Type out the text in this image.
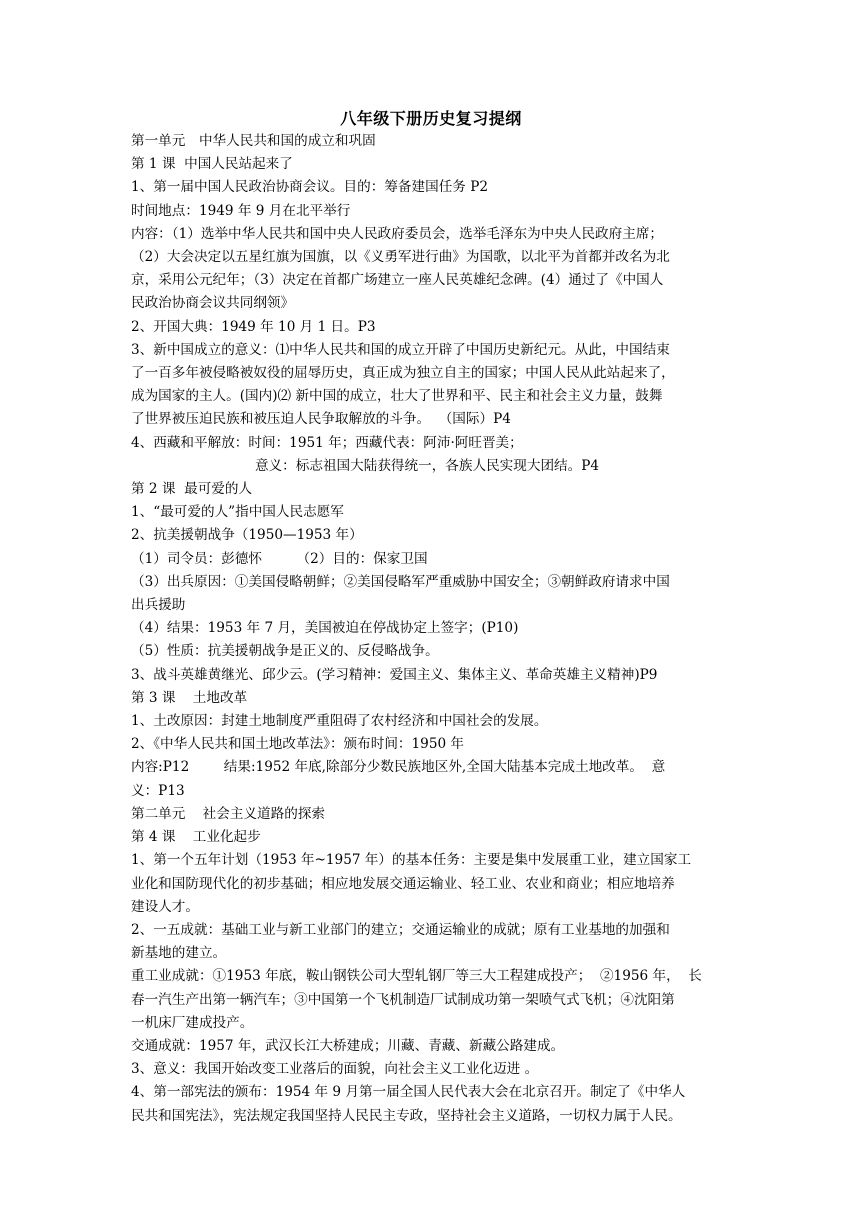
八年级下册历史复习提纲
第一单元　中华人民共和国的成立和巩固
第 1 课  中国人民站起来了
1、第一届中国人民政治协商会议。目的：筹备建国任务 P2
时间地点：1949 年 9 月在北平举行
内容：（1）选举中华人民共和国中央人民政府委员会，选举毛泽东为中央人民政府主席；
（2）大会决定以五星红旗为国旗，以《义勇军进行曲》为国歌，以北平为首都并改名为北
京，采用公元纪年；（3）决定在首都广场建立一座人民英雄纪念碑。(4）通过了《中国人
民政治协商会议共同纲领》
2、开国大典：1949 年 10 月 1 日。P3
3、新中国成立的意义：⑴中华人民共和国的成立开辟了中国历史新纪元。从此，中国结束
了一百多年被侵略被奴役的屈辱历史，真正成为独立自主的国家；中国人民从此站起来了，
成为国家的主人。(国内)⑵ 新中国的成立，壮大了世界和平、民主和社会主义力量，鼓舞
了世界被压迫民族和被压迫人民争取解放的斗争。  （国际）P4
4、西藏和平解放：时间：1951 年；西藏代表：阿沛·阿旺晋美；
意义：标志祖国大陆获得统一，各族人民实现大团结。P4
第 2 课  最可爱的人
1、“最可爱的人”指中国人民志愿军
2、抗美援朝战争（1950—1953 年）
（1）司令员：彭德怀        （2）目的：保家卫国
（3）出兵原因：①美国侵略朝鲜；②美国侵略军严重威胁中国安全；③朝鲜政府请求中国
出兵援助
（4）结果：1953 年 7 月，美国被迫在停战协定上签字；(P10)
（5）性质：抗美援朝战争是正义的、反侵略战争。
3、战斗英雄黄继光、邱少云。(学习精神：爱国主义、集体主义、革命英雄主义精神)P9
第 3 课    土地改革
1、土改原因：封建土地制度严重阻碍了农村经济和中国社会的发展。
2、《中华人民共和国土地改革法》：颁布时间：1950 年
内容:P12        结果:1952 年底,除部分少数民族地区外,全国大陆基本完成土地改革。  意
义：P13
第二单元    社会主义道路的探索
第 4 课    工业化起步
1、第一个五年计划（1953 年~1957 年）的基本任务：主要是集中发展重工业，建立国家工
业化和国防现代化的初步基础；相应地发展交通运输业、轻工业、农业和商业；相应地培养
建设人才。
2、一五成就：基础工业与新工业部门的建立；交通运输业的成就；原有工业基地的加强和
新基地的建立。
重工业成就：①1953 年底，鞍山钢铁公司大型轧钢厂等三大工程建成投产；  ②1956 年，  长
春一汽生产出第一辆汽车；③中国第一个飞机制造厂试制成功第一架喷气式飞机；④沈阳第
一机床厂建成投产。
交通成就：1957 年，武汉长江大桥建成；川藏、青藏、新藏公路建成。
3、意义：我国开始改变工业落后的面貌，向社会主义工业化迈进 。
4、第一部宪法的颁布：1954 年 9 月第一届全国人民代表大会在北京召开。制定了《中华人
民共和国宪法》，宪法规定我国坚持人民民主专政，坚持社会主义道路，一切权力属于人民。
